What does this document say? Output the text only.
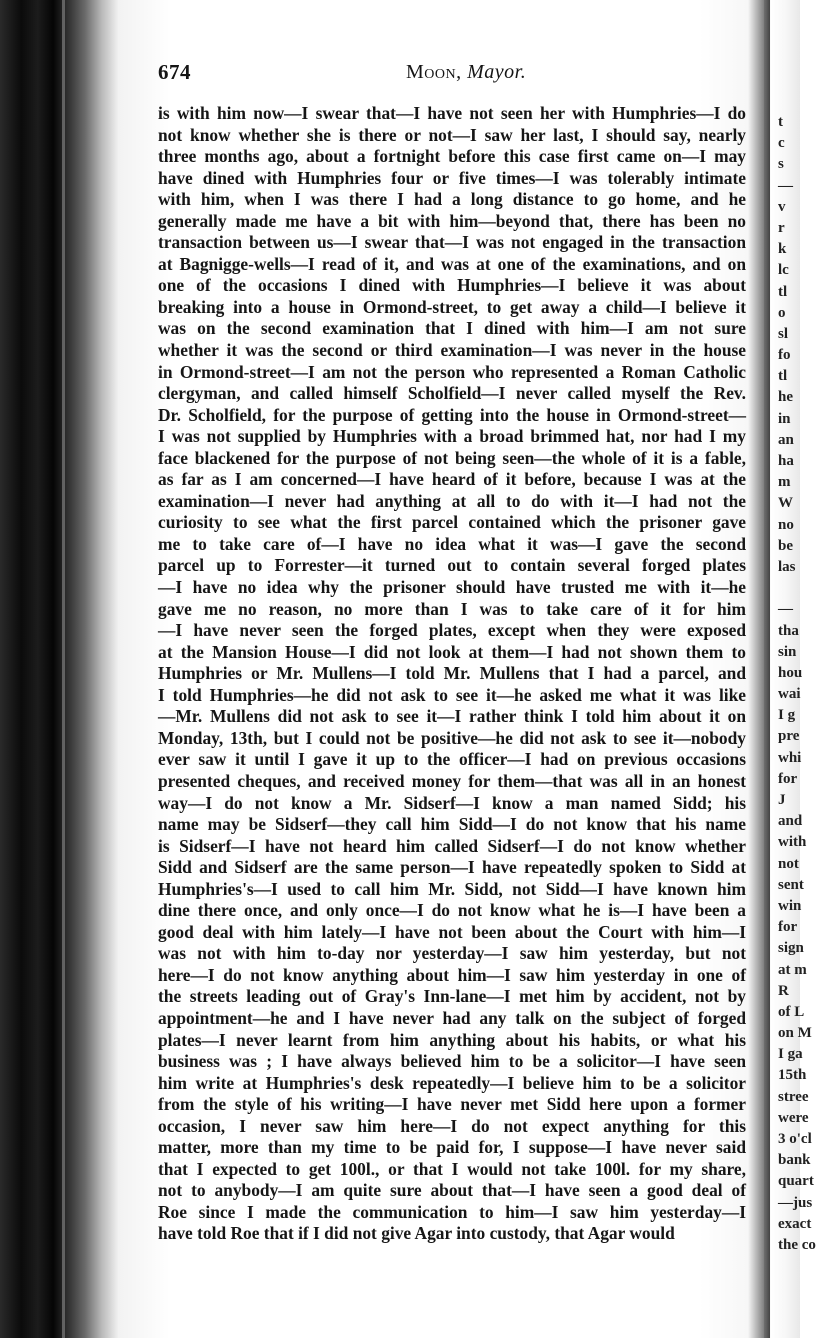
t
c
s
—
v
r
k
lc
tl
o
sl
fo
tl
he
in
an
ha
m
W
no
be
las
—
tha
sin
hou
wai
I g
pre
whi
for
J
and
with
not
sent
win
for
sign
at m
R
of L
on M
I ga
15th
stree
were
3 o'cl
bank
quart
—jus
exact
the co
674	Moon, Mayor.
is with him now—I swear that—I have not seen her with Humphries—I do
not know whether she is there or not—I saw her last, I should say, nearly
three months ago, about a fortnight before this case first came on—I may
have dined with Humphries four or five times—I was tolerably intimate
with him, when I was there I had a long distance to go home, and he
generally made me have a bit with him—beyond that, there has been no
transaction between us—I swear that—I was not engaged in the transaction
at Bagnigge-wells—I read of it, and was at one of the examinations, and on
one of the occasions I dined with Humphries—I believe it was about
breaking into a house in Ormond-street, to get away a child—I believe it
was on the second examination that I dined with him—I am not sure
whether it was the second or third examination—I was never in the house
in Ormond-street—I am not the person who represented a Roman Catholic
clergyman, and called himself Scholfield—I never called myself the Rev.
Dr. Scholfield, for the purpose of getting into the house in Ormond-street—
I was not supplied by Humphries with a broad brimmed hat, nor had I my
face blackened for the purpose of not being seen—the whole of it is a fable,
as far as I am concerned—I have heard of it before, because I was at the
examination—I never had anything at all to do with it—I had not the
curiosity to see what the first parcel contained which the prisoner gave
me to take care of—I have no idea what it was—I gave the second
parcel up to Forrester—it turned out to contain several forged plates
—I have no idea why the prisoner should have trusted me with it—he
gave me no reason, no more than I was to take care of it for him
—I have never seen the forged plates, except when they were exposed
at the Mansion House—I did not look at them—I had not shown them to
Humphries or Mr. Mullens—I told Mr. Mullens that I had a parcel, and
I told Humphries—he did not ask to see it—he asked me what it was like
—Mr. Mullens did not ask to see it—I rather think I told him about it on
Monday, 13th, but I could not be positive—he did not ask to see it—nobody
ever saw it until I gave it up to the officer—I had on previous occasions
presented cheques, and received money for them—that was all in an honest
way—I do not know a Mr. Sidserf—I know a man named Sidd; his
name may be Sidserf—they call him Sidd—I do not know that his name
is Sidserf—I have not heard him called Sidserf—I do not know whether
Sidd and Sidserf are the same person—I have repeatedly spoken to Sidd at
Humphries's—I used to call him Mr. Sidd, not Sidd—I have known him
dine there once, and only once—I do not know what he is—I have been a
good deal with him lately—I have not been about the Court with him—I
was not with him to-day nor yesterday—I saw him yesterday, but not
here—I do not know anything about him—I saw him yesterday in one of
the streets leading out of Gray's Inn-lane—I met him by accident, not by
appointment—he and I have never had any talk on the subject of forged
plates—I never learnt from him anything about his habits, or what his
business was ; I have always believed him to be a solicitor—I have seen
him write at Humphries's desk repeatedly—I believe him to be a solicitor
from the style of his writing—I have never met Sidd here upon a former
occasion, I never saw him here—I do not expect anything for this
matter, more than my time to be paid for, I suppose—I have never said
that I expected to get 100l., or that I would not take 100l. for my share,
not to anybody—I am quite sure about that—I have seen a good deal of
Roe since I made the communication to him—I saw him yesterday—I
have told Roe that if I did not give Agar into custody, that Agar would
